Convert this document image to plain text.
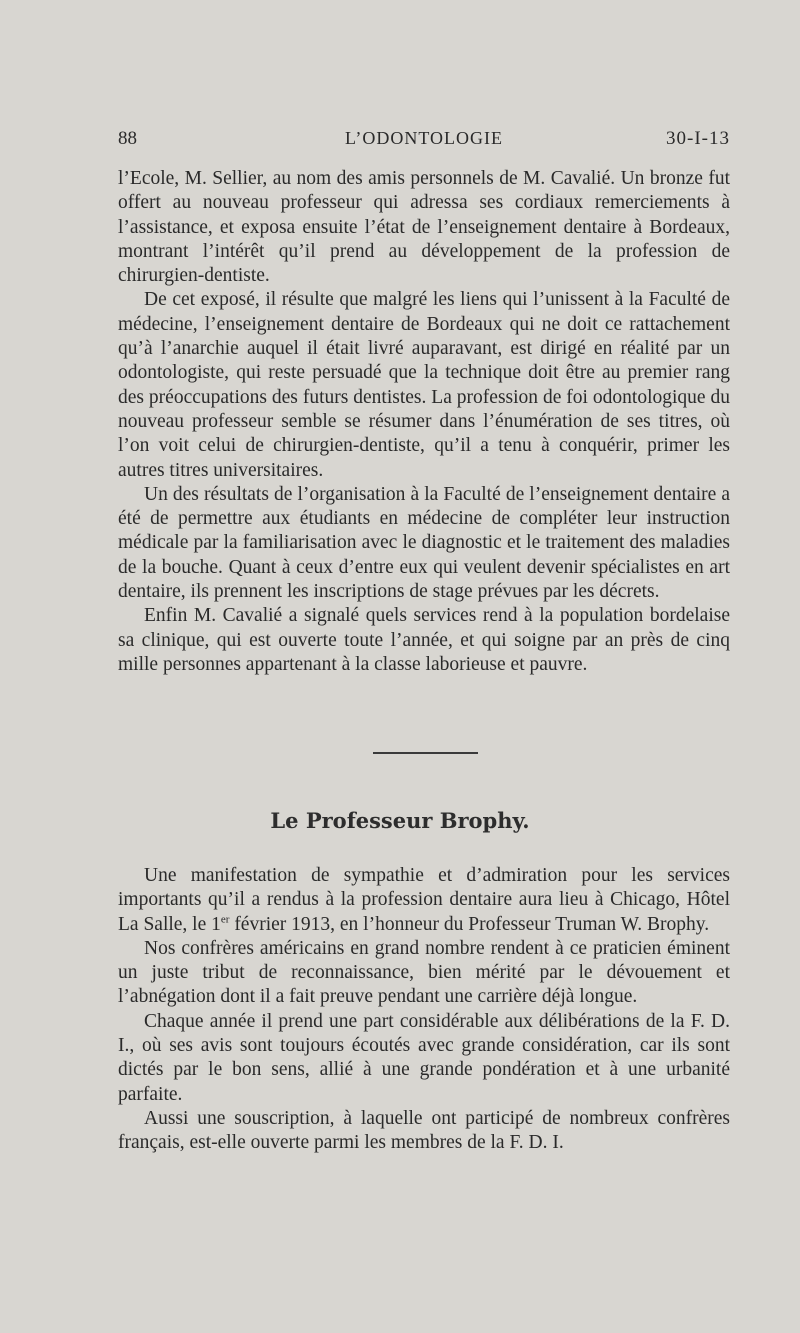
88	L’ODONTOLOGIE	30-I-13

l’Ecole, M. Sellier, au nom des amis personnels de M. Cavalié. Un bronze fut offert au nouveau professeur qui adressa ses cordiaux remerciements à l’assistance, et exposa ensuite l’état de l’enseignement dentaire à Bordeaux, montrant l’intérêt qu’il prend au développement de la profession de chirurgien-dentiste.

De cet exposé, il résulte que malgré les liens qui l’unissent à la Faculté de médecine, l’enseignement dentaire de Bordeaux qui ne doit ce rattachement qu’à l’anarchie auquel il était livré auparavant, est dirigé en réalité par un odontologiste, qui reste persuadé que la technique doit être au premier rang des préoccupations des futurs dentistes. La profession de foi odontologique du nouveau professeur semble se résumer dans l’énumération de ses titres, où l’on voit celui de chirurgien-dentiste, qu’il a tenu à conquérir, primer les autres titres universitaires.

Un des résultats de l’organisation à la Faculté de l’enseignement dentaire a été de permettre aux étudiants en médecine de compléter leur instruction médicale par la familiarisation avec le diagnostic et le traitement des maladies de la bouche. Quant à ceux d’entre eux qui veulent devenir spécialistes en art dentaire, ils prennent les inscriptions de stage prévues par les décrets.

Enfin M. Cavalié a signalé quels services rend à la population bordelaise sa clinique, qui est ouverte toute l’année, et qui soigne par an près de cinq mille personnes appartenant à la classe laborieuse et pauvre.

Le Professeur Brophy.

Une manifestation de sympathie et d’admiration pour les services importants qu’il a rendus à la profession dentaire aura lieu à Chicago, Hôtel La Salle, le 1er février 1913, en l’honneur du Professeur Truman W. Brophy.

Nos confrères américains en grand nombre rendent à ce praticien éminent un juste tribut de reconnaissance, bien mérité par le dévouement et l’abnégation dont il a fait preuve pendant une carrière déjà longue.

Chaque année il prend une part considérable aux délibérations de la F. D. I., où ses avis sont toujours écoutés avec grande considération, car ils sont dictés par le bon sens, allié à une grande pondération et à une urbanité parfaite.

Aussi une souscription, à laquelle ont participé de nombreux confrères français, est-elle ouverte parmi les membres de la F. D. I.
